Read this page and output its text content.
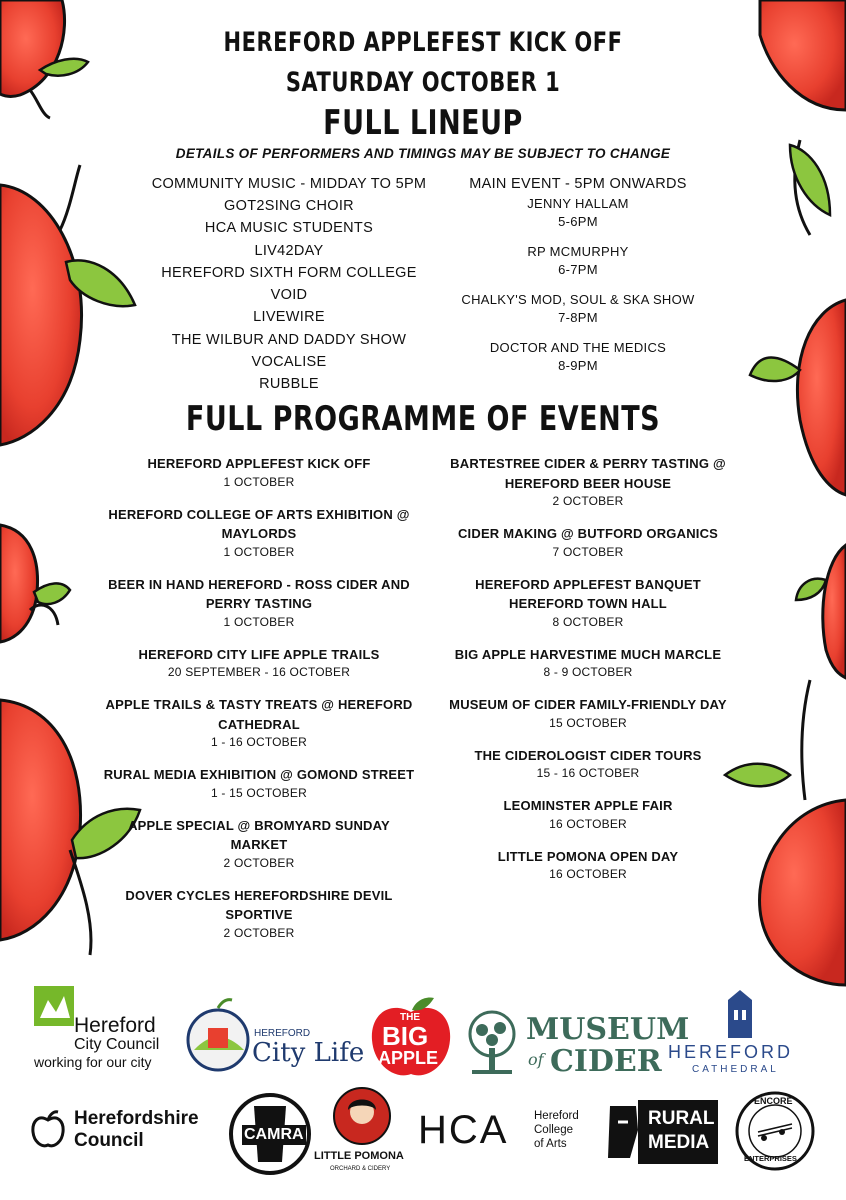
HEREFORD APPLEFEST KICK OFF
SATURDAY OCTOBER 1
FULL LINEUP
DETAILS OF PERFORMERS AND TIMINGS MAY BE SUBJECT TO CHANGE
COMMUNITY MUSIC - MIDDAY TO 5PM
GOT2SING CHOIR
HCA MUSIC STUDENTS
LIV42DAY
HEREFORD SIXTH FORM COLLEGE
VOID
LIVEWIRE
THE WILBUR AND DADDY SHOW
VOCALISE
RUBBLE
MAIN EVENT - 5PM ONWARDS
JENNY HALLAM
5-6PM
RP MCMURPHY
6-7PM
CHALKY'S MOD, SOUL & SKA SHOW
7-8PM
DOCTOR AND THE MEDICS
8-9PM
FULL PROGRAMME OF EVENTS
HEREFORD APPLEFEST KICK OFF
1 OCTOBER
HEREFORD COLLEGE OF ARTS EXHIBITION @ MAYLORDS
1 OCTOBER
BEER IN HAND HEREFORD - ROSS CIDER AND PERRY TASTING
1 OCTOBER
HEREFORD CITY LIFE APPLE TRAILS
20 SEPTEMBER - 16 OCTOBER
APPLE TRAILS & TASTY TREATS @ HEREFORD CATHEDRAL
1 - 16 OCTOBER
RURAL MEDIA EXHIBITION @ GOMOND STREET
1 - 15 OCTOBER
APPLE SPECIAL @ BROMYARD SUNDAY MARKET
2 OCTOBER
DOVER CYCLES HEREFORDSHIRE DEVIL SPORTIVE
2 OCTOBER
BARTESTREE CIDER & PERRY TASTING @ HEREFORD BEER HOUSE
2 OCTOBER
CIDER MAKING @ BUTFORD ORGANICS
7 OCTOBER
HEREFORD APPLEFEST BANQUET HEREFORD TOWN HALL
8 OCTOBER
BIG APPLE HARVESTIME MUCH MARCLE
8 - 9 OCTOBER
MUSEUM OF CIDER FAMILY-FRIENDLY DAY
15 OCTOBER
THE CIDEROLOGIST CIDER TOURS
15 - 16 OCTOBER
LEOMINSTER APPLE FAIR
16 OCTOBER
LITTLE POMONA OPEN DAY
16 OCTOBER
Hereford
City Council
working for our city
HEREFORD
City Life
THE
BIG
APPLE
MUSEUM
of CIDER HEREFORD
CATHEDRAL
Herefordshire
Council	CAMRA
LITTLE POMONA
ORCHARD & CIDERY
HCA Hereford
College
of Arts
RURAL
MEDIA
ENCORE
ENTERPRISES
